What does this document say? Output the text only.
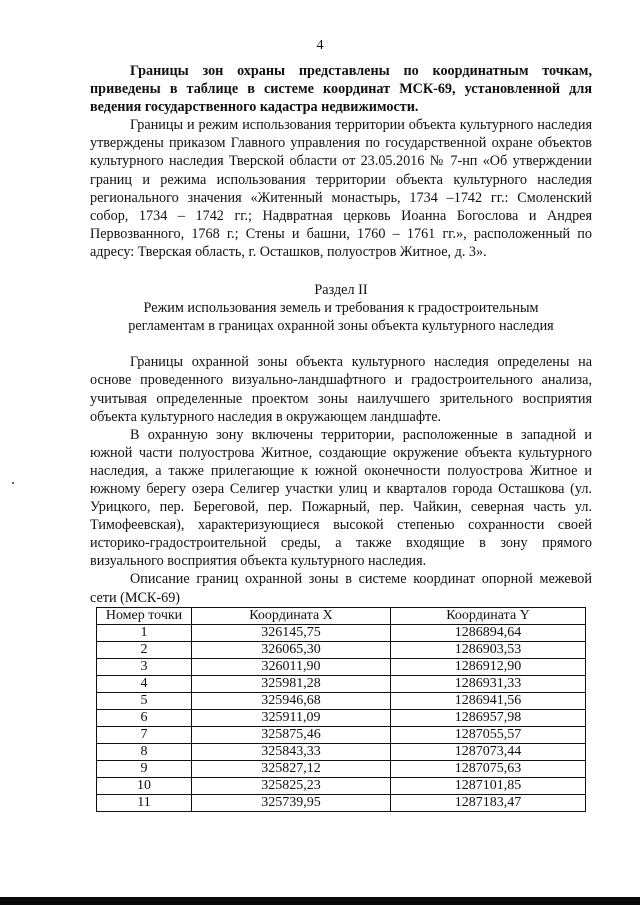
4

Границы зон охраны представлены по координатным точкам, приведены в таблице в системе координат МСК-69, установленной для ведения государственного кадастра недвижимости.

Границы и режим использования территории объекта культурного наследия утверждены приказом Главного управления по государственной охране объектов культурного наследия Тверской области от 23.05.2016 № 7-нп «Об утверждении границ и режима использования территории объекта культурного наследия регионального значения «Житенный монастырь, 1734 –1742 гг.: Смоленский собор, 1734 – 1742 гг.; Надвратная церковь Иоанна Богослова и Андрея Первозванного, 1768 г.; Стены и башни, 1760 – 1761 гг.», расположенный по адресу: Тверская область, г. Осташков, полуостров Житное, д. 3».

Раздел II
Режим использования земель и требования к градостроительным
регламентам в границах охранной зоны объекта культурного наследия

Границы охранной зоны объекта культурного наследия определены на основе проведенного визуально-ландшафтного и градостроительного анализа, учитывая определенные проектом зоны наилучшего зрительного восприятия объекта культурного наследия в окружающем ландшафте.

В охранную зону включены территории, расположенные в западной и южной части полуострова Житное, создающие окружение объекта культурного наследия, а также прилегающие к южной оконечности полуострова Житное и южному берегу озера Селигер участки улиц и кварталов города Осташкова (ул. Урицкого, пер. Береговой, пер. Пожарный, пер. Чайкин, северная часть ул. Тимофеевская), характеризующиеся высокой степенью сохранности своей историко-градостроительной среды, а также входящие в зону прямого визуального восприятия объекта культурного наследия.

Описание границ охранной зоны в системе координат опорной межевой сети (МСК-69)

Номер точки	Координата X	Координата Y
1	326145,75	1286894,64
2	326065,30	1286903,53
3	326011,90	1286912,90
4	325981,28	1286931,33
5	325946,68	1286941,56
6	325911,09	1286957,98
7	325875,46	1287055,57
8	325843,33	1287073,44
9	325827,12	1287075,63
10	325825,23	1287101,85
11	325739,95	1287183,47
